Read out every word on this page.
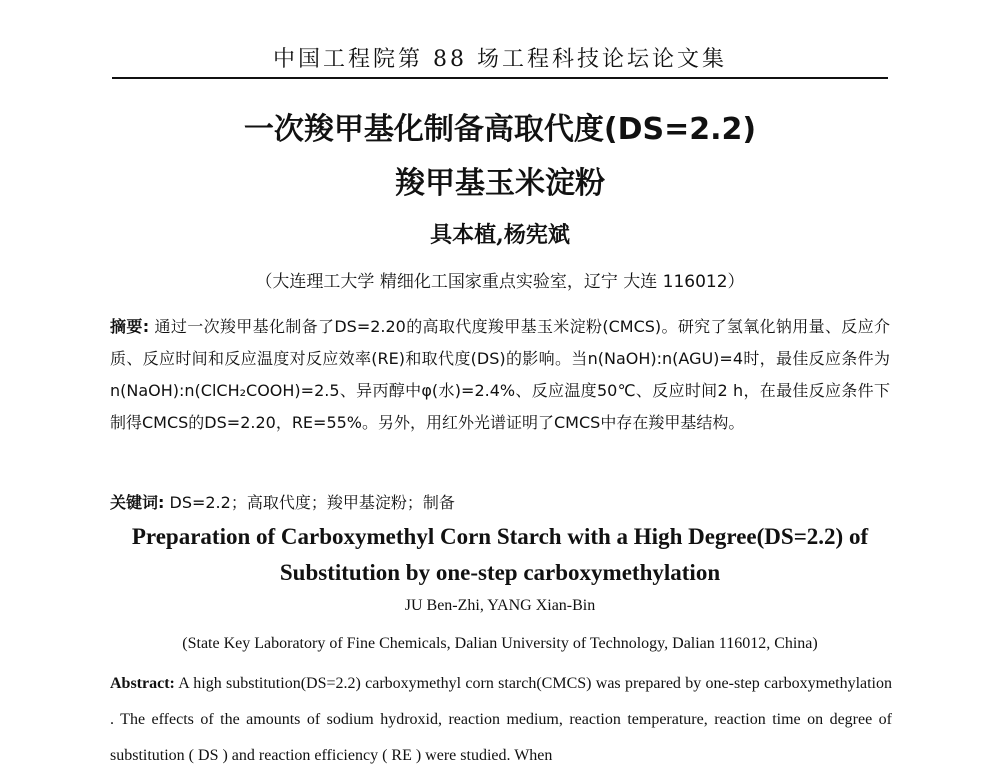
中国工程院第 88 场工程科技论坛论文集
一次羧甲基化制备高取代度(DS=2.2)
羧甲基玉米淀粉
具本植,杨宪斌
（大连理工大学 精细化工国家重点实验室，辽宁 大连 116012）
摘要: 通过一次羧甲基化制备了DS=2.20的高取代度羧甲基玉米淀粉(CMCS)。研究了氢氧化钠用量、反应介质、反应时间和反应温度对反应效率(RE)和取代度(DS)的影响。当n(NaOH):n(AGU)=4时，最佳反应条件为n(NaOH):n(ClCH₂COOH)=2.5、异丙醇中φ(水)=2.4%、反应温度50℃、反应时间2 h，在最佳反应条件下制得CMCS的DS=2.20，RE=55%。另外，用红外光谱证明了CMCS中存在羧甲基结构。
关键词: DS=2.2；高取代度；羧甲基淀粉；制备
Preparation of Carboxymethyl Corn Starch with a High Degree(DS=2.2) of Substitution by one-step carboxymethylation
JU Ben-Zhi, YANG Xian-Bin
(State Key Laboratory of Fine Chemicals, Dalian University of Technology, Dalian 116012, China)
Abstract: A high substitution(DS=2.2) carboxymethyl corn starch(CMCS) was prepared by one-step carboxymethylation . The effects of the amounts of sodium hydroxid, reaction medium, reaction temperature, reaction time on degree of substitution ( DS ) and reaction efficiency ( RE ) were studied. When
